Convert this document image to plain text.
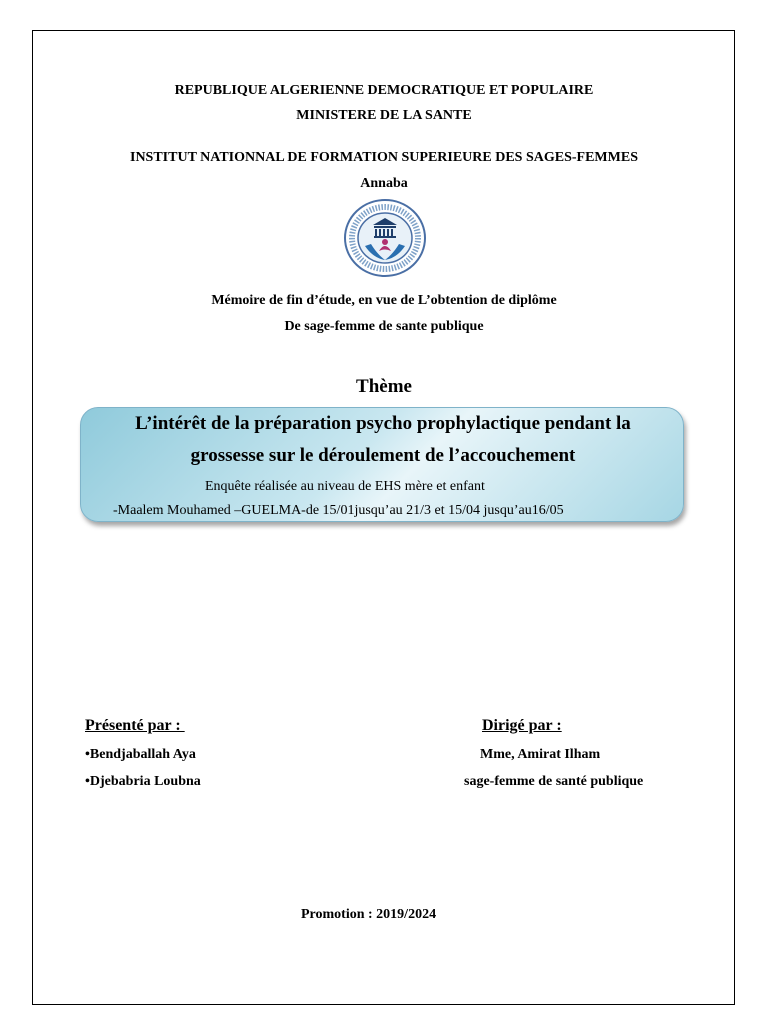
REPUBLIQUE ALGERIENNE DEMOCRATIQUE ET POPULAIRE
MINISTERE DE LA SANTE
INSTITUT NATIONNAL DE FORMATION SUPERIEURE DES SAGES-FEMMES
Annaba
Mémoire de fin d’étude, en vue de L’obtention de diplôme
De sage-femme de sante publique
Thème
L’intérêt de la préparation psycho prophylactique pendant la
grossesse sur le déroulement de l’accouchement
Enquête réalisée au niveau de EHS mère et enfant
-Maalem Mouhamed –GUELMA-de 15/01jusqu’au 21/3 et 15/04 jusqu’au16/05
Présenté par :
•Bendjaballah Aya
•Djebabria Loubna
Dirigé par :
Mme, Amirat Ilham
sage-femme de santé publique
Promotion : 2019/2024
